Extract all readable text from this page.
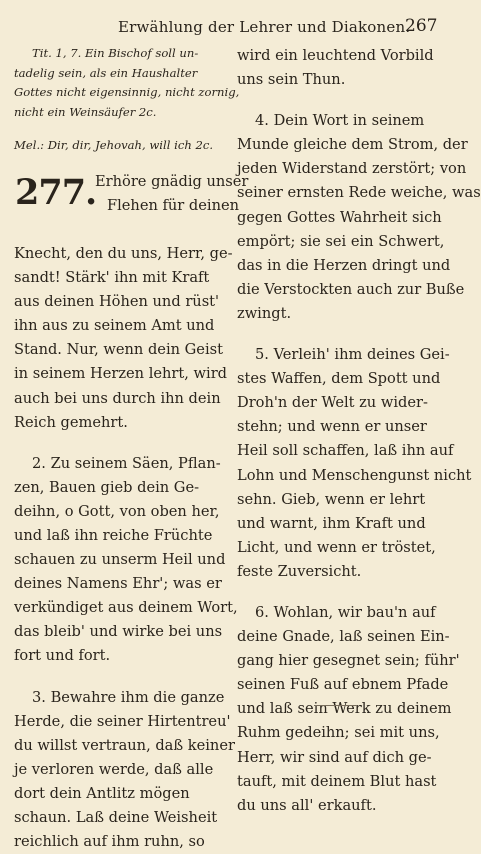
Erwählung der Lehrer und Diakonen.
267
Tit. 1, 7. Ein Bischof soll un-
tadelig sein, als ein Haushalter
Gottes nicht eigensinnig, nicht zornig,
nicht ein Weinsäufer 2c.
Mel.: Dir, dir, Jehovah, will ich 2c.
277.
Erhöre gnädig unser
Flehen für deinen
Knecht, den du uns, Herr, ge-
sandt! Stärk' ihn mit Kraft
aus deinen Höhen und rüst'
ihn aus zu seinem Amt und
Stand. Nur, wenn dein Geist
in seinem Herzen lehrt, wird
auch bei uns durch ihn dein
Reich gemehrt.
2. Zu seinem Säen, Pflan-
zen, Bauen gieb dein Ge-
deihn, o Gott, von oben her,
und laß ihn reiche Früchte
schauen zu unserm Heil und
deines Namens Ehr'; was er
verkündiget aus deinem Wort,
das bleib' und wirke bei uns
fort und fort.
3. Bewahre ihm die ganze
Herde, die seiner Hirtentreu'
du willst vertraun, daß keiner
je verloren werde, daß alle
dort dein Antlitz mögen
schaun. Laß deine Weisheit
reichlich auf ihm ruhn, so
wird ein leuchtend Vorbild
uns sein Thun.
4. Dein Wort in seinem
Munde gleiche dem Strom, der
jeden Widerstand zerstört; von
seiner ernsten Rede weiche, was
gegen Gottes Wahrheit sich
empört; sie sei ein Schwert,
das in die Herzen dringt und
die Verstockten auch zur Buße
zwingt.
5. Verleih' ihm deines Gei-
stes Waffen, dem Spott und
Droh'n der Welt zu wider-
stehn; und wenn er unser
Heil soll schaffen, laß ihn auf
Lohn und Menschengunst nicht
sehn. Gieb, wenn er lehrt
und warnt, ihm Kraft und
Licht, und wenn er tröstet,
feste Zuversicht.
6. Wohlan, wir bau'n auf
deine Gnade, laß seinen Ein-
gang hier gesegnet sein; führ'
seinen Fuß auf ebnem Pfade
und laß sein Werk zu deinem
Ruhm gedeihn; sei mit uns,
Herr, wir sind auf dich ge-
tauft, mit deinem Blut hast
du uns all' erkauft.
